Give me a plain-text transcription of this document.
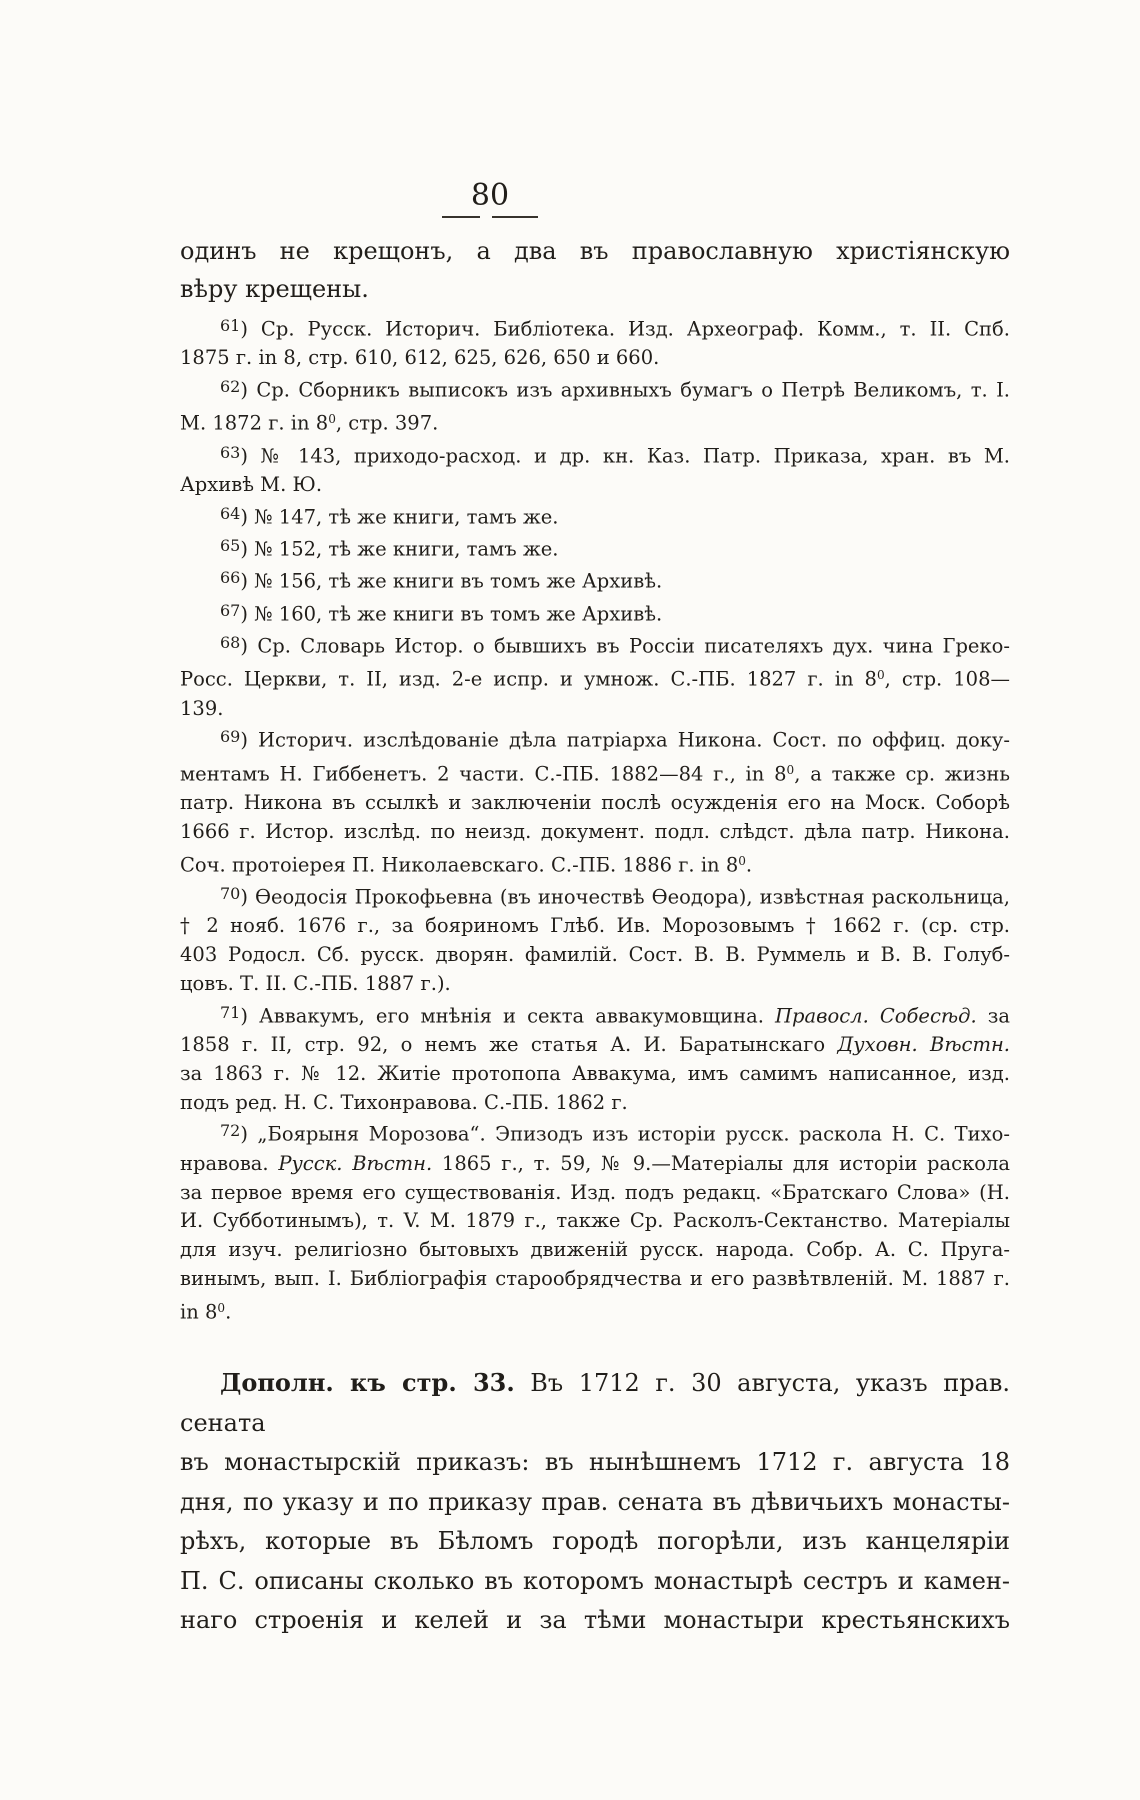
80
одинъ не крещонъ, а два въ православную христіянскую
вѣру крещены.
$^{61}$) Ср. Русск. Историч. Библіотека. Изд. Археограф. Комм., т. II. Спб.
1875 г. in 8, стр. 610, 612, 625, 626, 650 и 660.
$^{62}$) Ср. Сборникъ выписокъ изъ архивныхъ бумагъ о Петрѣ Великомъ, т. I.
М. 1872 г. in $8^0$, стр. 397.
$^{63}$) № 143, приходо-расход. и др. кн. Каз. Патр. Приказа, хран. въ М.
Архивѣ М. Ю.
$^{64}$) № 147, тѣ же книги, тамъ же.
$^{65}$) № 152, тѣ же книги, тамъ же.
$^{66}$) № 156, тѣ же книги въ томъ же Архивѣ.
$^{67}$) № 160, тѣ же книги въ томъ же Архивѣ.
$^{68}$) Ср. Словарь Истор. о бывшихъ въ Россіи писателяхъ дух. чина Греко-
Росс. Церкви, т. II, изд. 2-е испр. и умнож. С.-ПБ. 1827 г. in $8^0$, стр. 108—
139.
$^{69}$) Историч. изслѣдованіе дѣла патріарха Никона. Сост. по оффиц. доку-
ментамъ Н. Гиббенетъ. 2 части. С.-ПБ. 1882—84 г., in $8^0$, а также ср. жизнь
патр. Никона въ ссылкѣ и заключеніи послѣ осужденія его на Моск. Соборѣ
1666 г. Истор. изслѣд. по неизд. документ. подл. слѣдст. дѣла патр. Никона.
Соч. протоіерея П. Николаевскаго. С.-ПБ. 1886 г. in $8^0$.
$^{70}$) Ѳеодосія Прокофьевна (въ иночествѣ Ѳеодора), извѣстная раскольница,
† 2 нояб. 1676 г., за бояриномъ Глѣб. Ив. Морозовымъ † 1662 г. (ср. стр.
403 Родосл. Сб. русск. дворян. фамилій. Сост. В. В. Руммель и В. В. Голуб-
цовъ. Т. II. С.-ПБ. 1887 г.).
$^{71}$) Аввакумъ, его мнѣнія и секта аввакумовщина. Правосл. Собесѣд. за
1858 г. II, стр. 92, о немъ же статья А. И. Баратынскаго Духовн. Вѣстн.
за 1863 г. № 12. Житіе протопопа Аввакума, имъ самимъ написанное, изд.
подъ ред. Н. С. Тихонравова. С.-ПБ. 1862 г.
$^{72}$) „Боярыня Морозова“. Эпизодъ изъ исторіи русск. раскола Н. С. Тихо-
нравова. Русск. Вѣстн. 1865 г., т. 59, № 9.—Матеріалы для исторіи раскола
за первое время его существованія. Изд. подъ редакц. «Братскаго Слова» (Н.
И. Субботинымъ), т. V. М. 1879 г., также Ср. Расколъ-Сектанство. Матеріалы
для изуч. религіозно бытовыхъ движеній русск. народа. Собр. А. С. Пруга-
винымъ, вып. I. Библіографія старообрядчества и его развѣтвленій. М. 1887 г.
in $8^0$.
Дополн. къ стр. 33. Въ 1712 г. 30 августа, указъ прав. сената
въ монастырскій приказъ: въ нынѣшнемъ 1712 г. августа 18
дня, по указу и по приказу прав. сената въ дѣвичьихъ монасты-
рѣхъ, которые въ Бѣломъ городѣ погорѣли, изъ канцеляріи
П. С. описаны сколько въ которомъ монастырѣ сестръ и камен-
наго строенія и келей и за тѣми монастыри крестьянскихъ
